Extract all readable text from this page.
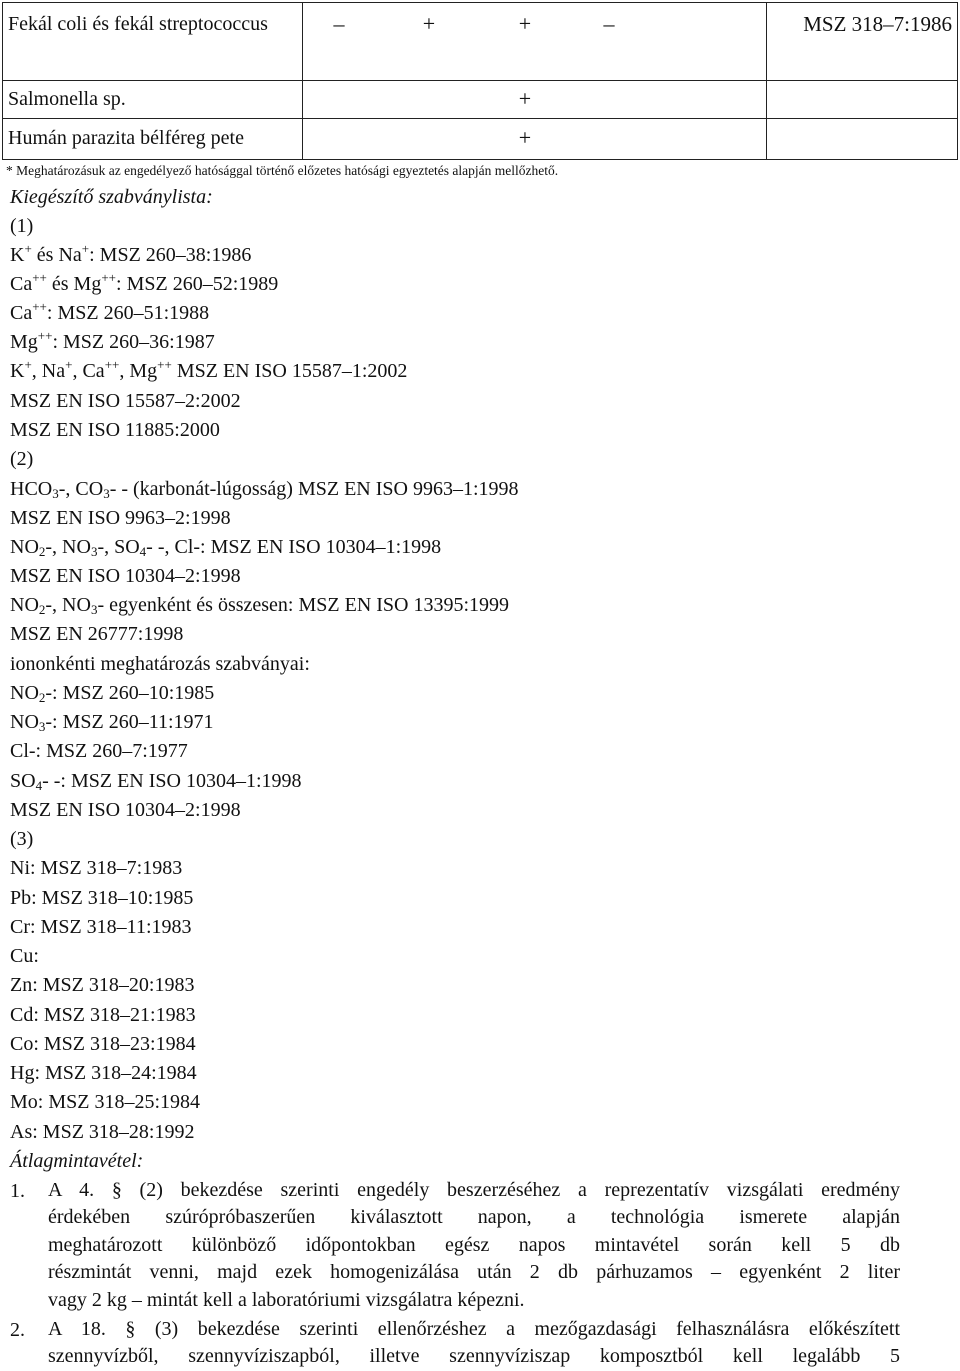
Fekál coli és fekál streptococcus	–	+	+	–	MSZ 318–7:1986
Salmonella sp.	+
Humán parazita bélféreg pete	+
* Meghatározásuk az engedélyező hatósággal történő előzetes hatósági egyeztetés alapján mellőzhető.
Kiegészítő szabványlista:
(1)
K+ és Na+: MSZ 260–38:1986
Ca++ és Mg++: MSZ 260–52:1989
Ca++: MSZ 260–51:1988
Mg++: MSZ 260–36:1987
K+, Na+, Ca++, Mg++ MSZ EN ISO 15587–1:2002
MSZ EN ISO 15587–2:2002
MSZ EN ISO 11885:2000
(2)
$HCO_3-$, $CO_3-$ - (karbonát-lúgosság) MSZ EN ISO 9963–1:1998
MSZ EN ISO 9963–2:1998
$NO_2-$, $NO_3-$, $SO_4-$ -, Cl-: MSZ EN ISO 10304–1:1998
MSZ EN ISO 10304–2:1998
$NO_2-$, $NO_3-$ egyenként és összesen: MSZ EN ISO 13395:1999
MSZ EN 26777:1998
iononkénti meghatározás szabványai:
$NO_2-$: MSZ 260–10:1985
$NO_3-$: MSZ 260–11:1971
Cl-: MSZ 260–7:1977
$SO_4-$ -: MSZ EN ISO 10304–1:1998
MSZ EN ISO 10304–2:1998
(3)
Ni: MSZ 318–7:1983
Pb: MSZ 318–10:1985
Cr: MSZ 318–11:1983
Cu:
Zn: MSZ 318–20:1983
Cd: MSZ 318–21:1983
Co: MSZ 318–23:1984
Hg: MSZ 318–24:1984
Mo: MSZ 318–25:1984
As: MSZ 318–28:1992
Átlagmintavétel:
1. A 4. § (2) bekezdése szerinti engedély beszerzéséhez a reprezentatív vizsgálati eredmény
érdekében szúrópróbaszerűen kiválasztott napon, a technológia ismerete alapján
meghatározott különböző időpontokban egész napos mintavétel során kell 5 db
részmintát venni, majd ezek homogenizálása után 2 db párhuzamos – egyenként 2 liter
vagy 2 kg – mintát kell a laboratóriumi vizsgálatra képezni.
2. A 18. § (3) bekezdése szerinti ellenőrzéshez a mezőgazdasági felhasználásra előkészített
szennyvízből, szennyvíziszapból, illetve szennyvíziszap komposztból kell legalább 5
